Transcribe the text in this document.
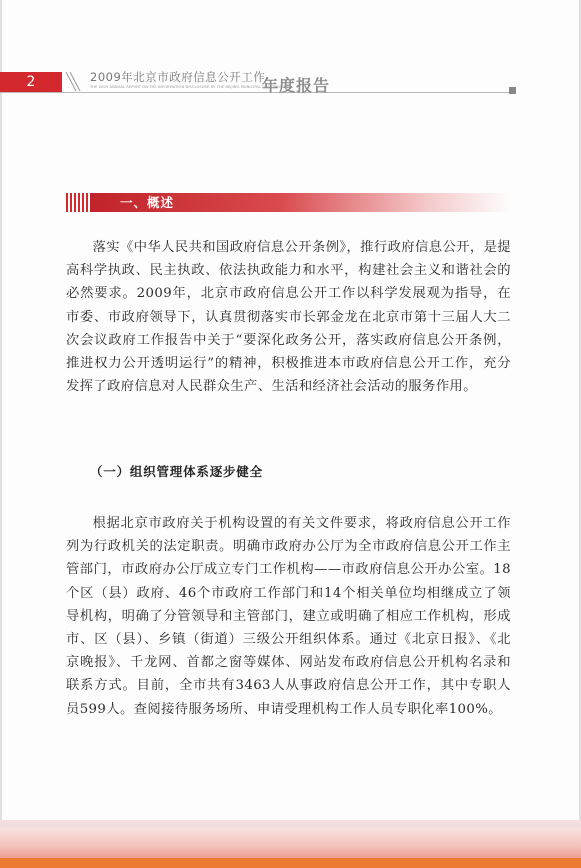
2	2009年北京市政府信息公开工作
THE 2009 ANNUAL REPORT ON THE INFORMATION DISCLOSURE BY THE BEIJING MUNICIPAL GOVERNMENT
年度报告
一、概述

落实《中华人民共和国政府信息公开条例》，推行政府信息公开，是提高科学执政、民主执政、依法执政能力和水平，构建社会主义和谐社会的必然要求。2009年，北京市政府信息公开工作以科学发展观为指导，在市委、市政府领导下，认真贯彻落实市长郭金龙在北京市第十三届人大二次会议政府工作报告中关于“要深化政务公开，落实政府信息公开条例，推进权力公开透明运行”的精神，积极推进本市政府信息公开工作，充分发挥了政府信息对人民群众生产、生活和经济社会活动的服务作用。

（一）组织管理体系逐步健全

根据北京市政府关于机构设置的有关文件要求，将政府信息公开工作列为行政机关的法定职责。明确市政府办公厅为全市政府信息公开工作主管部门，市政府办公厅成立专门工作机构——市政府信息公开办公室。18个区（县）政府、46个市政府工作部门和14个相关单位均相继成立了领导机构，明确了分管领导和主管部门，建立或明确了相应工作机构，形成市、区（县）、乡镇（街道）三级公开组织体系。通过《北京日报》、《北京晚报》、千龙网、首都之窗等媒体、网站发布政府信息公开机构名录和联系方式。目前，全市共有3463人从事政府信息公开工作，其中专职人员599人。查阅接待服务场所、申请受理机构工作人员专职化率100%。
